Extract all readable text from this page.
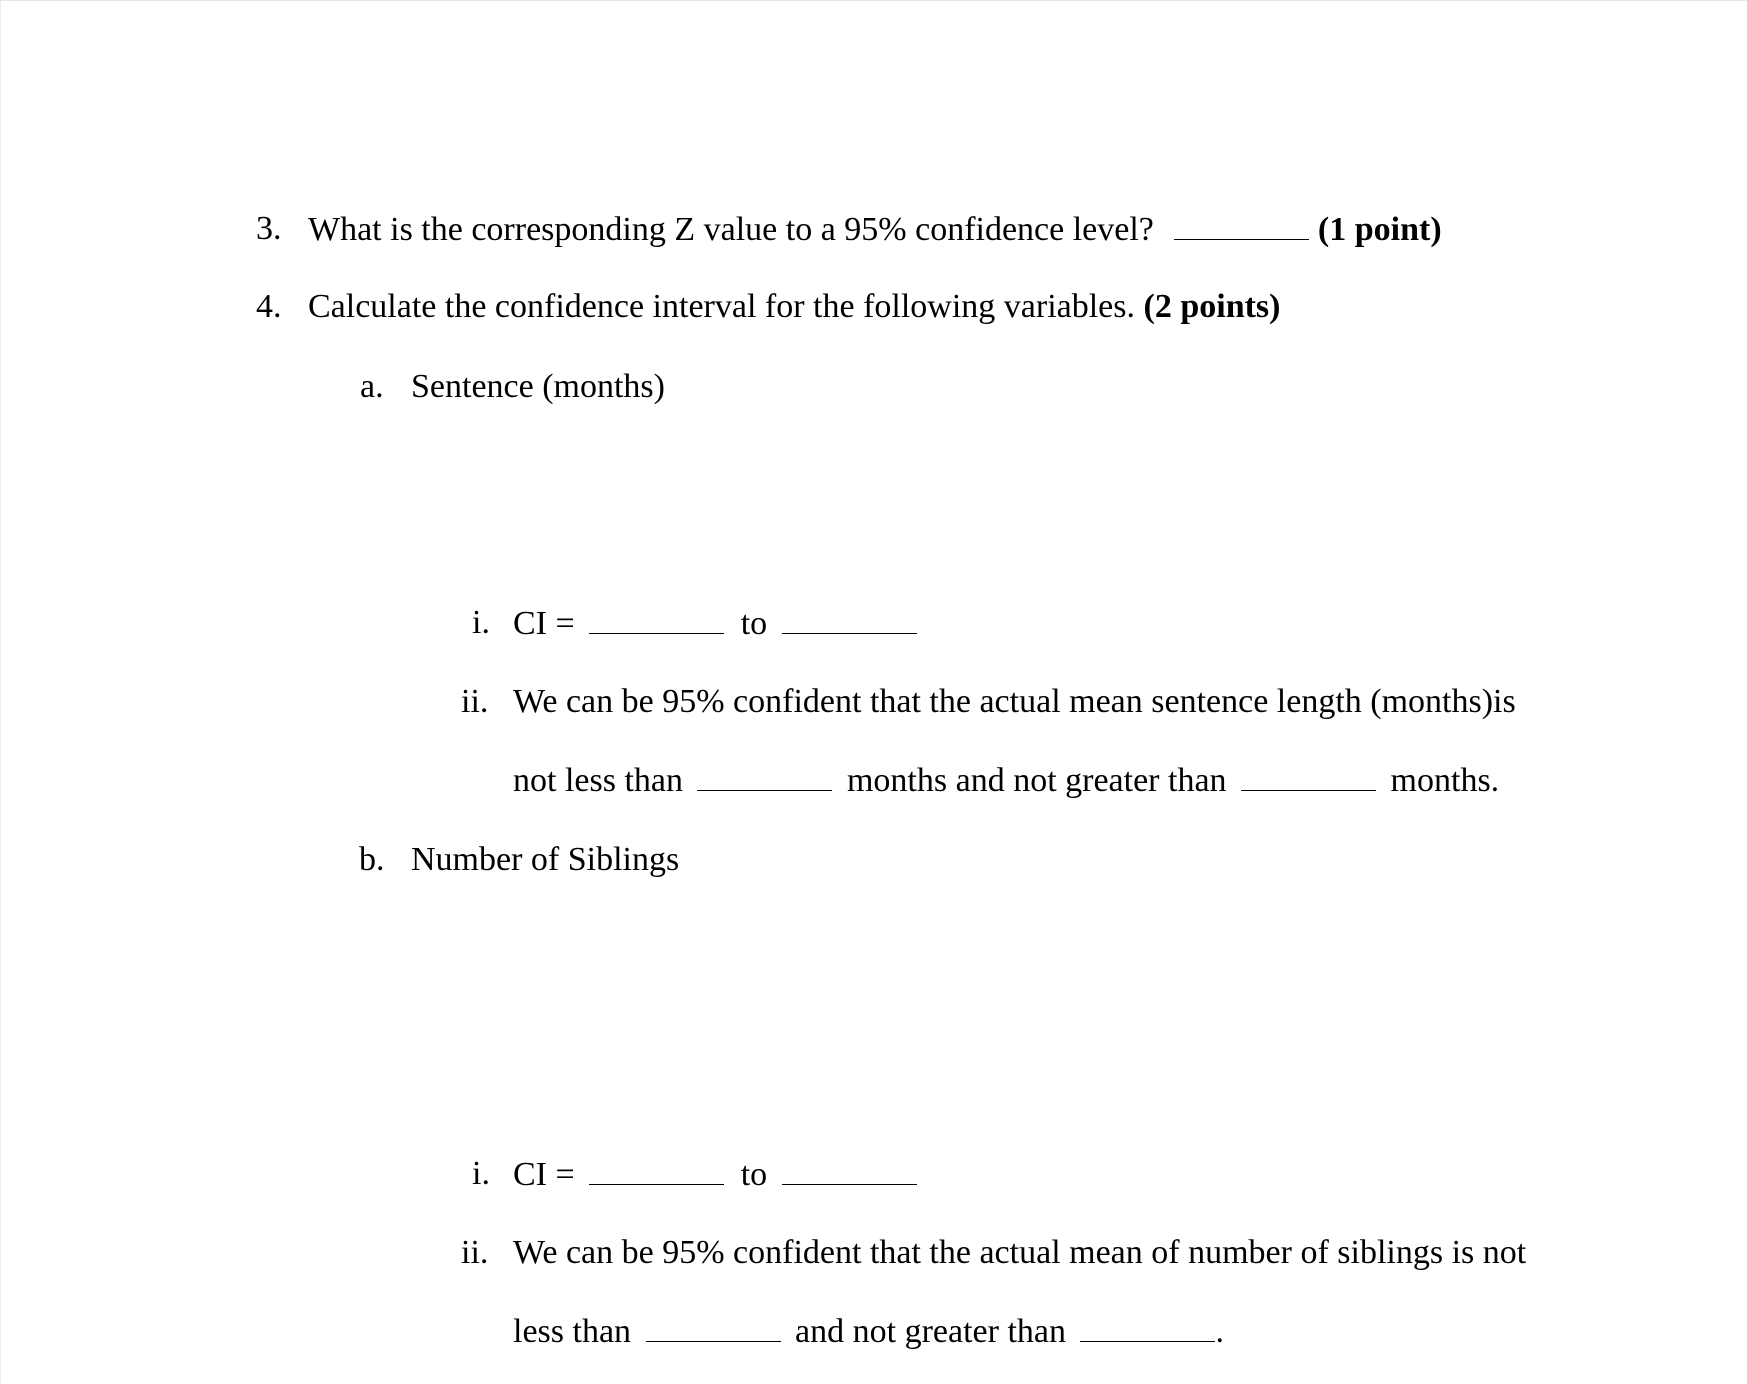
3. What is the corresponding Z value to a 95% confidence level?	(1 point)
4. Calculate the confidence interval for the following variables. (2 points)
a. Sentence (months)
i. CI =	to
ii. We can be 95% confident that the actual mean sentence length (months)is
not less than	months and not greater than	months.
b. Number of Siblings
i. CI =	to
ii. We can be 95% confident that the actual mean of number of siblings is not
less than	and not greater than	.
